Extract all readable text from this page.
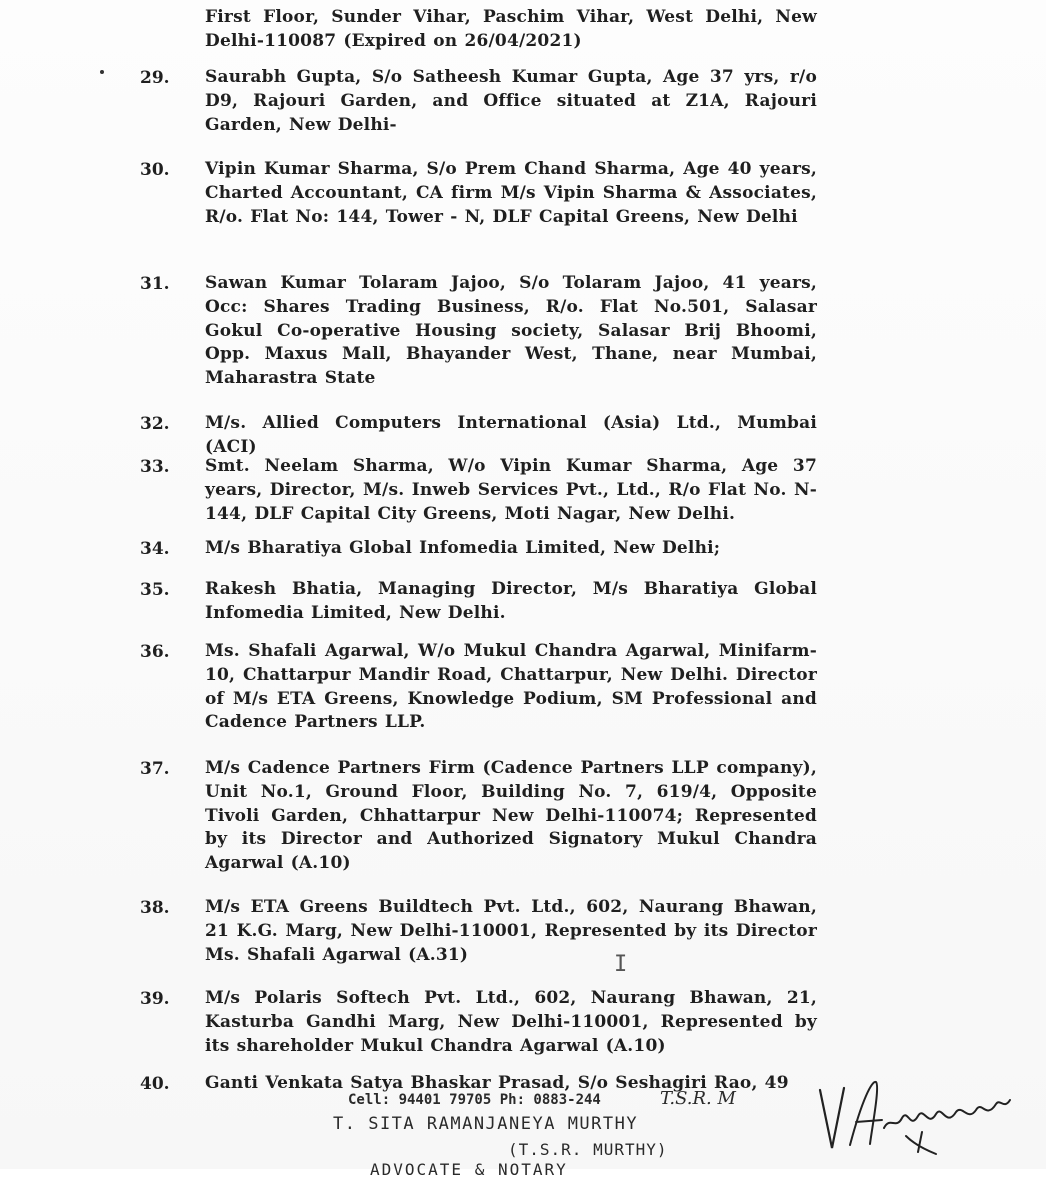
First Floor, Sunder Vihar, Paschim Vihar, West Delhi, New Delhi-110087 (Expired on 26/04/2021)
29.	Saurabh Gupta, S/o Satheesh Kumar Gupta, Age 37 yrs, r/o D9, Rajouri Garden, and Office situated at Z1A, Rajouri Garden, New Delhi-
30.	Vipin Kumar Sharma, S/o Prem Chand Sharma, Age 40 years, Charted Accountant, CA firm M/s Vipin Sharma & Associates, R/o. Flat No: 144, Tower - N, DLF Capital Greens, New Delhi
31.	Sawan Kumar Tolaram Jajoo, S/o Tolaram Jajoo, 41 years, Occ: Shares Trading Business, R/o. Flat No.501, Salasar Gokul Co-operative Housing society, Salasar Brij Bhoomi, Opp. Maxus Mall, Bhayander West, Thane, near Mumbai, Maharastra State
32.	M/s. Allied Computers International (Asia) Ltd., Mumbai (ACI)
33.	Smt. Neelam Sharma, W/o Vipin Kumar Sharma, Age 37 years, Director, M/s. Inweb Services Pvt., Ltd., R/o Flat No. N-144, DLF Capital City Greens, Moti Nagar, New Delhi.
34.	M/s Bharatiya Global Infomedia Limited, New Delhi;
35.	Rakesh Bhatia, Managing Director, M/s Bharatiya Global Infomedia Limited, New Delhi.
36.	Ms. Shafali Agarwal, W/o Mukul Chandra Agarwal, Minifarm-10, Chattarpur Mandir Road, Chattarpur, New Delhi. Director of M/s ETA Greens, Knowledge Podium, SM Professional and Cadence Partners LLP.
37.	M/s Cadence Partners Firm (Cadence Partners LLP company), Unit No.1, Ground Floor, Building No. 7, 619/4, Opposite Tivoli Garden, Chhattarpur New Delhi-110074; Represented by its Director and Authorized Signatory Mukul Chandra Agarwal (A.10)
38.	M/s ETA Greens Buildtech Pvt. Ltd., 602, Naurang Bhawan, 21 K.G. Marg, New Delhi-110001, Represented by its Director Ms. Shafali Agarwal (A.31)
39.	M/s Polaris Softech Pvt. Ltd., 602, Naurang Bhawan, 21, Kasturba Gandhi Marg, New Delhi-110001, Represented by its shareholder Mukul Chandra Agarwal (A.10)
40.	Ganti Venkata Satya Bhaskar Prasad, S/o Seshagiri Rao, 49
I
Cell: 94401 79705 Ph: 0883-244	T.S.R. M
T. SITA RAMANJANEYA MURTHY
(T.S.R. MURTHY)
ADVOCATE & NOTARY
